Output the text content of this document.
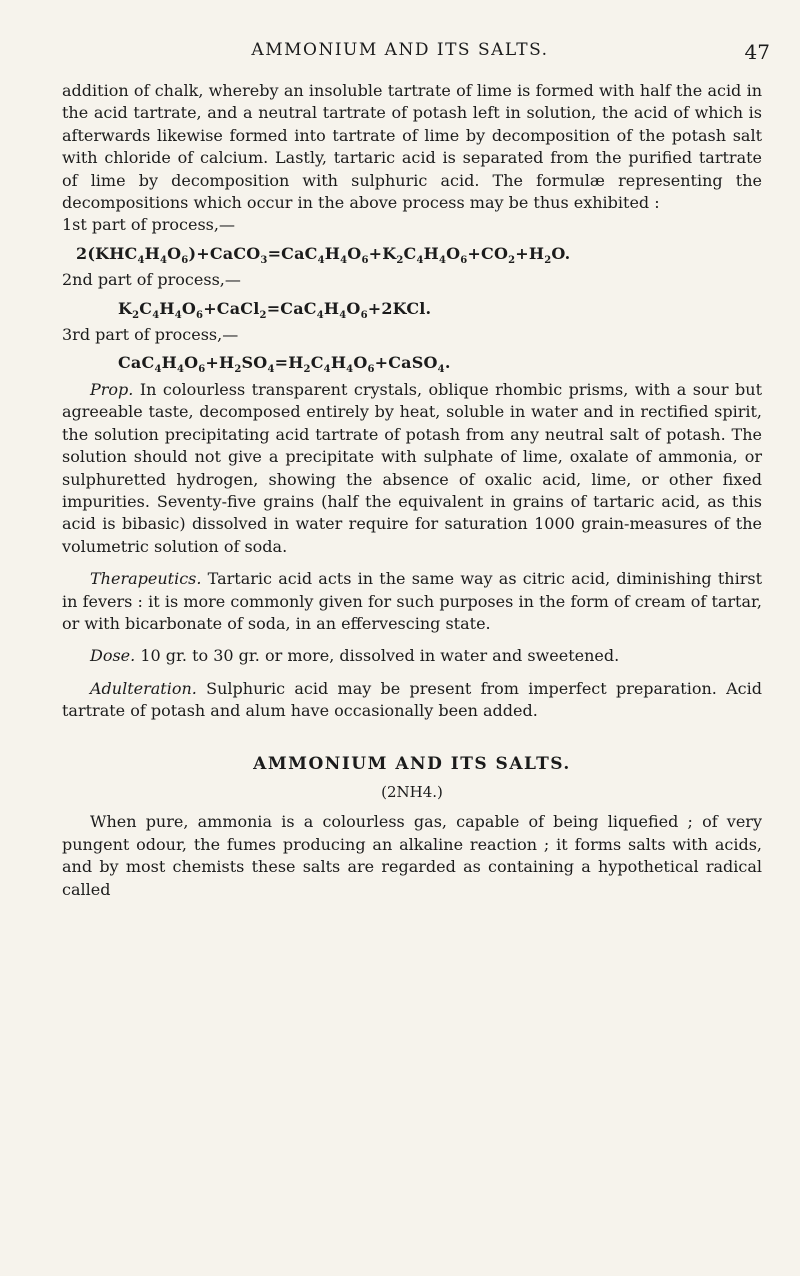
AMMONIUM AND ITS SALTS.	47

addition of chalk, whereby an insoluble tartrate of lime is formed with half the acid in the acid tartrate, and a neutral tartrate of potash left in solution, the acid of which is afterwards likewise formed into tartrate of lime by decomposition of the potash salt with chloride of calcium. Lastly, tartaric acid is separated from the purified tartrate of lime by decomposition with sulphuric acid. The formulæ representing the decompositions which occur in the above process may be thus exhibited :

1st part of process,—

$2(KHC_4H_4O_6)+CaCO_3=CaC_4H_4O_6+K_2C_4H_4O_6+CO_2+H_2O$.

2nd part of process,—

$K_2C_4H_4O_6+CaCl_2=CaC_4H_4O_6+2KCl$.

3rd part of process,—

$CaC_4H_4O_6+H_2SO_4=H_2C_4H_4O_6+CaSO_4$.

Prop. In colourless transparent crystals, oblique rhombic prisms, with a sour but agreeable taste, decomposed entirely by heat, soluble in water and in rectified spirit, the solution precipitating acid tartrate of potash from any neutral salt of potash. The solution should not give a precipitate with sulphate of lime, oxalate of ammonia, or sulphuretted hydrogen, showing the absence of oxalic acid, lime, or other fixed impurities. Seventy-five grains (half the equivalent in grains of tartaric acid, as this acid is bibasic) dissolved in water require for saturation 1000 grain-measures of the volumetric solution of soda.

Therapeutics. Tartaric acid acts in the same way as citric acid, diminishing thirst in fevers : it is more commonly given for such purposes in the form of cream of tartar, or with bicarbonate of soda, in an effervescing state.

Dose. 10 gr. to 30 gr. or more, dissolved in water and sweetened.

Adulteration. Sulphuric acid may be present from imperfect preparation. Acid tartrate of potash and alum have occasionally been added.

AMMONIUM AND ITS SALTS.
(2NH4.)

When pure, ammonia is a colourless gas, capable of being liquefied ; of very pungent odour, the fumes producing an alkaline reaction ; it forms salts with acids, and by most chemists these salts are regarded as containing a hypothetical radical called
